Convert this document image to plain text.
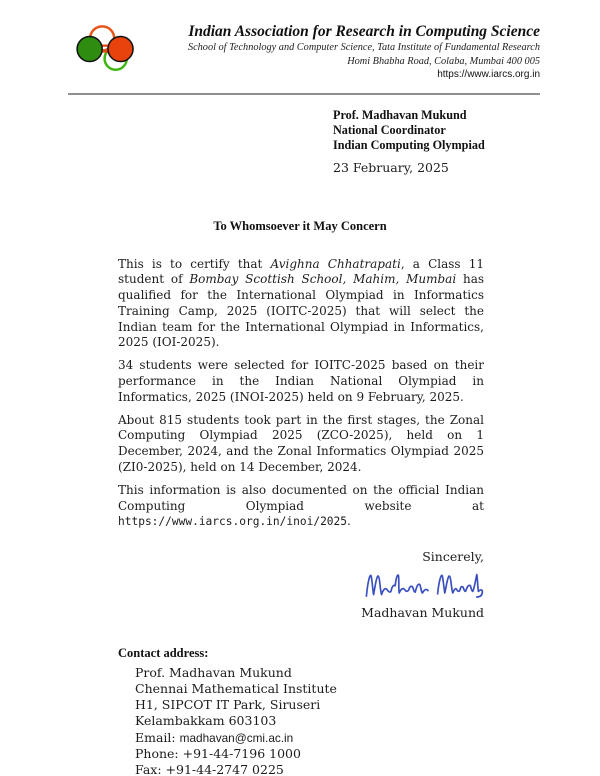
Indian Association for Research in Computing Science
School of Technology and Computer Science, Tata Institute of Fundamental Research
Homi Bhabha Road, Colaba, Mumbai 400 005
https://www.iarcs.org.in
Prof. Madhavan Mukund
National Coordinator
Indian Computing Olympiad
23 February, 2025
To Whomsoever it May Concern

This is to certify that Avighna Chhatrapati, a Class 11 student of Bombay Scottish School, Mahim, Mumbai has qualified for the International Olympiad in Informatics Training Camp, 2025 (IOITC-2025) that will select the Indian team for the International Olympiad in Informatics, 2025 (IOI-2025).

34 students were selected for IOITC-2025 based on their performance in the Indian National Olympiad in Informatics, 2025 (INOI-2025) held on 9 February, 2025.

About 815 students took part in the first stages, the Zonal Computing Olympiad 2025 (ZCO-2025), held on 1 December, 2024, and the Zonal Informatics Olympiad 2025 (ZI0-2025), held on 14 December, 2024.

This information is also documented on the official Indian Computing Olympiad website at https://www.iarcs.org.in/inoi/2025.

Sincerely,
Madhavan Mukund
Contact address:
Prof. Madhavan Mukund
Chennai Mathematical Institute
H1, SIPCOT IT Park, Siruseri
Kelambakkam 603103
Email: madhavan@cmi.ac.in
Phone: +91-44-7196 1000
Fax: +91-44-2747 0225
